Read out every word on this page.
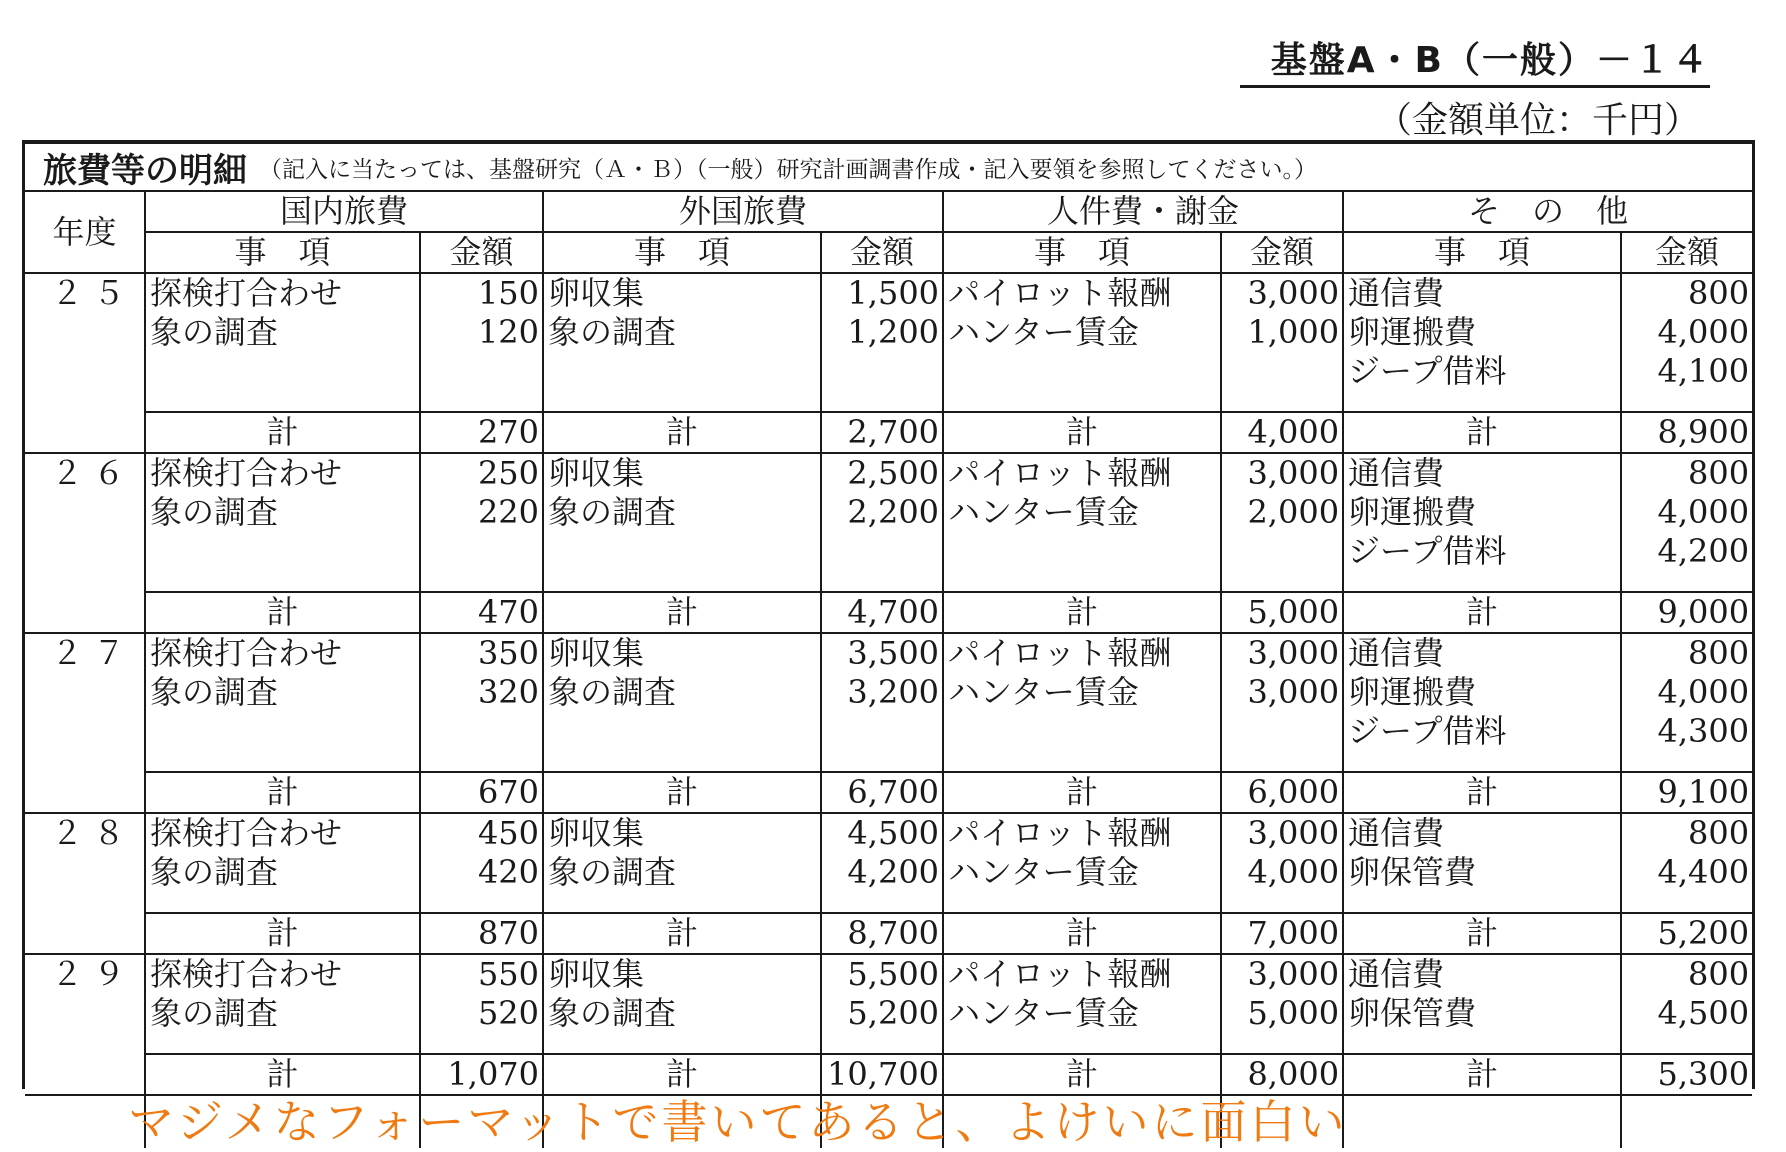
基盤A・B（一般）－１４
（金額単位：千円）
旅費等の明細 （記入に当たっては、基盤研究（Ａ・Ｂ）（一般）研究計画調書作成・記入要領を参照してください。）
年度	国内旅費		外国旅費		人件費・謝金		そ　の　他	
	事　項	金額	事　項	金額	事　項	金額	事　項	金額
２５	探検打合わせ	150	卵収集	1,500	パイロット報酬	3,000	通信費	800
	象の調査	120	象の調査	1,200	ハンター賃金	1,000	卵運搬費	4,000
							ジープ借料	4,100

	計	270	計	2,700	計	4,000	計	8,900
２６	探検打合わせ	250	卵収集	2,500	パイロット報酬	3,000	通信費	800
	象の調査	220	象の調査	2,200	ハンター賃金	2,000	卵運搬費	4,000
							ジープ借料	4,200

	計	470	計	4,700	計	5,000	計	9,000
２７	探検打合わせ	350	卵収集	3,500	パイロット報酬	3,000	通信費	800
	象の調査	320	象の調査	3,200	ハンター賃金	3,000	卵運搬費	4,000
							ジープ借料	4,300

	計	670	計	6,700	計	6,000	計	9,100
２８	探検打合わせ	450	卵収集	4,500	パイロット報酬	3,000	通信費	800
	象の調査	420	象の調査	4,200	ハンター賃金	4,000	卵保管費	4,400

	計	870	計	8,700	計	7,000	計	5,200
２９	探検打合わせ	550	卵収集	5,500	パイロット報酬	3,000	通信費	800
	象の調査	520	象の調査	5,200	ハンター賃金	5,000	卵保管費	4,500

	計	1,070	計	10,700	計	8,000	計	5,300

マジメなフォーマットで書いてあると、よけいに面白い
